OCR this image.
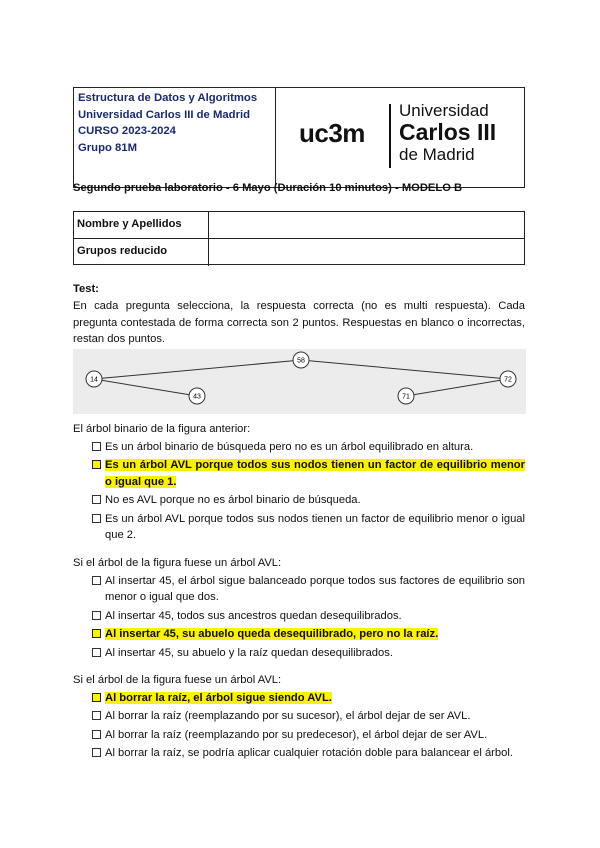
Estructura de Datos y Algoritmos
Universidad Carlos III de Madrid
CURSO 2023-2024
Grupo 81M	uc3m
Universidad
Carlos III
de Madrid
Segundo prueba laboratorio - 6 Mayo (Duración 10 minutos) - MODELO B
Nombre y Apellidos
Grupos reducido
Test:
En cada pregunta selecciona, la respuesta correcta (no es multi respuesta). Cada pregunta contestada de forma correcta son 2 puntos. Respuestas en blanco o incorrectas, restan dos puntos.
14
58
43	71
72
El árbol binario de la figura anterior:
Es un árbol binario de búsqueda pero no es un árbol equilibrado en altura.
Es un árbol AVL porque todos sus nodos tienen un factor de equilibrio menor o igual que 1.
No es AVL porque no es árbol binario de búsqueda.
Es un árbol AVL porque todos sus nodos tienen un factor de equilibrio menor o igual que 2.
Si el árbol de la figura fuese un árbol AVL:
Al insertar 45, el árbol sigue balanceado porque todos sus factores de equilibrio son menor o igual que dos.
Al insertar 45, todos sus ancestros quedan desequilibrados.
Al insertar 45, su abuelo queda desequilibrado, pero no la raíz.
Al insertar 45, su abuelo y la raíz quedan desequilibrados.
Si el árbol de la figura fuese un árbol AVL:
Al borrar la raíz, el árbol sigue siendo AVL.
Al borrar la raíz (reemplazando por su sucesor), el árbol dejar de ser AVL.
Al borrar la raíz (reemplazando por su predecesor), el árbol dejar de ser AVL.
Al borrar la raíz, se podría aplicar cualquier rotación doble para balancear el árbol.
